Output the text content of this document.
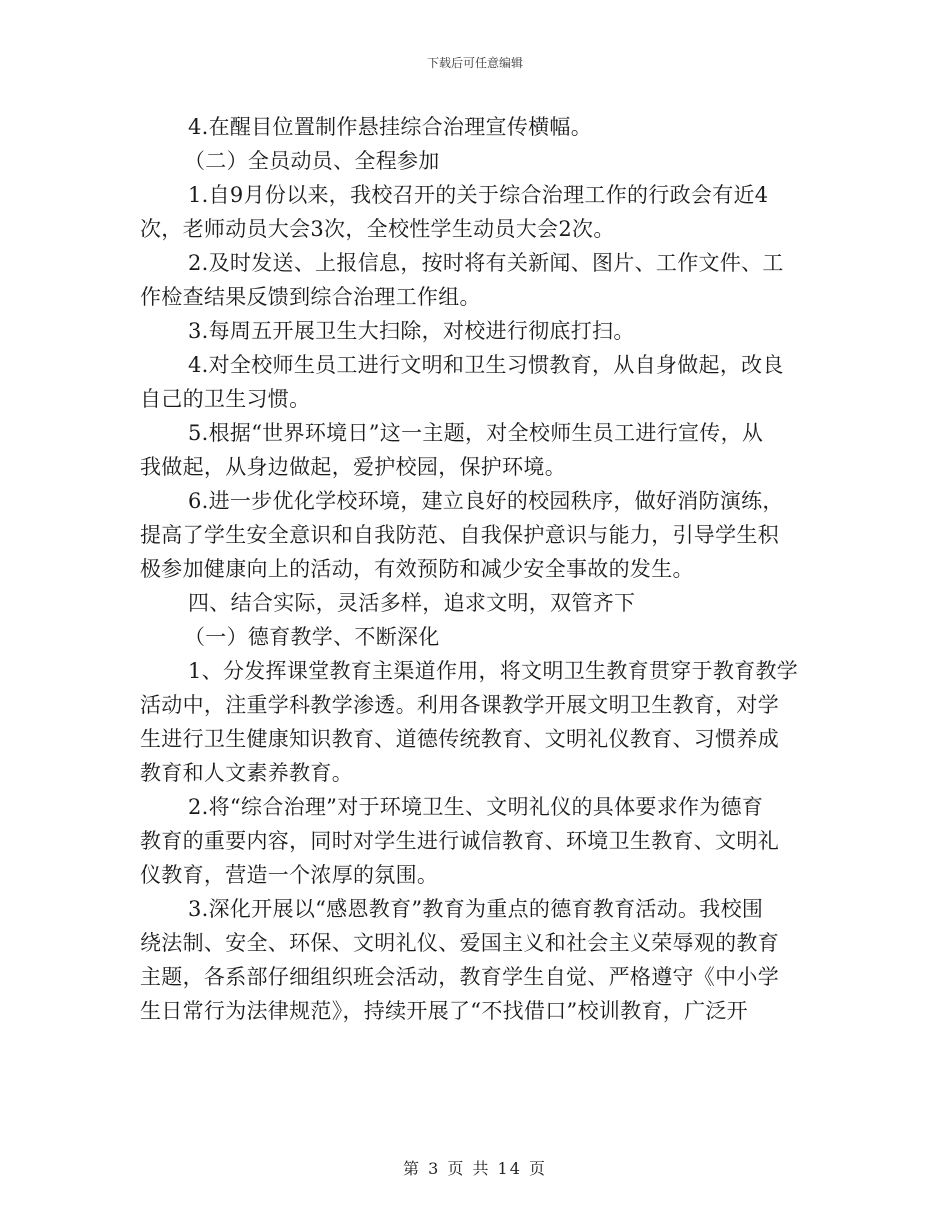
下载后可任意编辑
4.在醒目位置制作悬挂综合治理宣传横幅。
（二）全员动员、全程参加
1.自9月份以来，我校召开的关于综合治理工作的行政会有近4
次，老师动员大会3次，全校性学生动员大会2次。
2.及时发送、上报信息，按时将有关新闻、图片、工作文件、工
作检查结果反馈到综合治理工作组。
3.每周五开展卫生大扫除，对校进行彻底打扫。
4.对全校师生员工进行文明和卫生习惯教育，从自身做起，改良
自己的卫生习惯。
5.根据“世界环境日”这一主题，对全校师生员工进行宣传，从
我做起，从身边做起，爱护校园，保护环境。
6.进一步优化学校环境，建立良好的校园秩序，做好消防演练，
提高了学生安全意识和自我防范、自我保护意识与能力，引导学生积
极参加健康向上的活动，有效预防和减少安全事故的发生。
四、结合实际，灵活多样，追求文明，双管齐下
（一）德育教学、不断深化
1、分发挥课堂教育主渠道作用，将文明卫生教育贯穿于教育教学
活动中，注重学科教学渗透。利用各课教学开展文明卫生教育，对学
生进行卫生健康知识教育、道德传统教育、文明礼仪教育、习惯养成
教育和人文素养教育。
2.将“综合治理”对于环境卫生、文明礼仪的具体要求作为德育
教育的重要内容，同时对学生进行诚信教育、环境卫生教育、文明礼
仪教育，营造一个浓厚的氛围。
3.深化开展以“感恩教育”教育为重点的德育教育活动。我校围
绕法制、安全、环保、文明礼仪、爱国主义和社会主义荣辱观的教育
主题，各系部仔细组织班会活动，教育学生自觉、严格遵守《中小学
生日常行为法律规范》，持续开展了“不找借口”校训教育，广泛开
第 3 页 共 14 页
